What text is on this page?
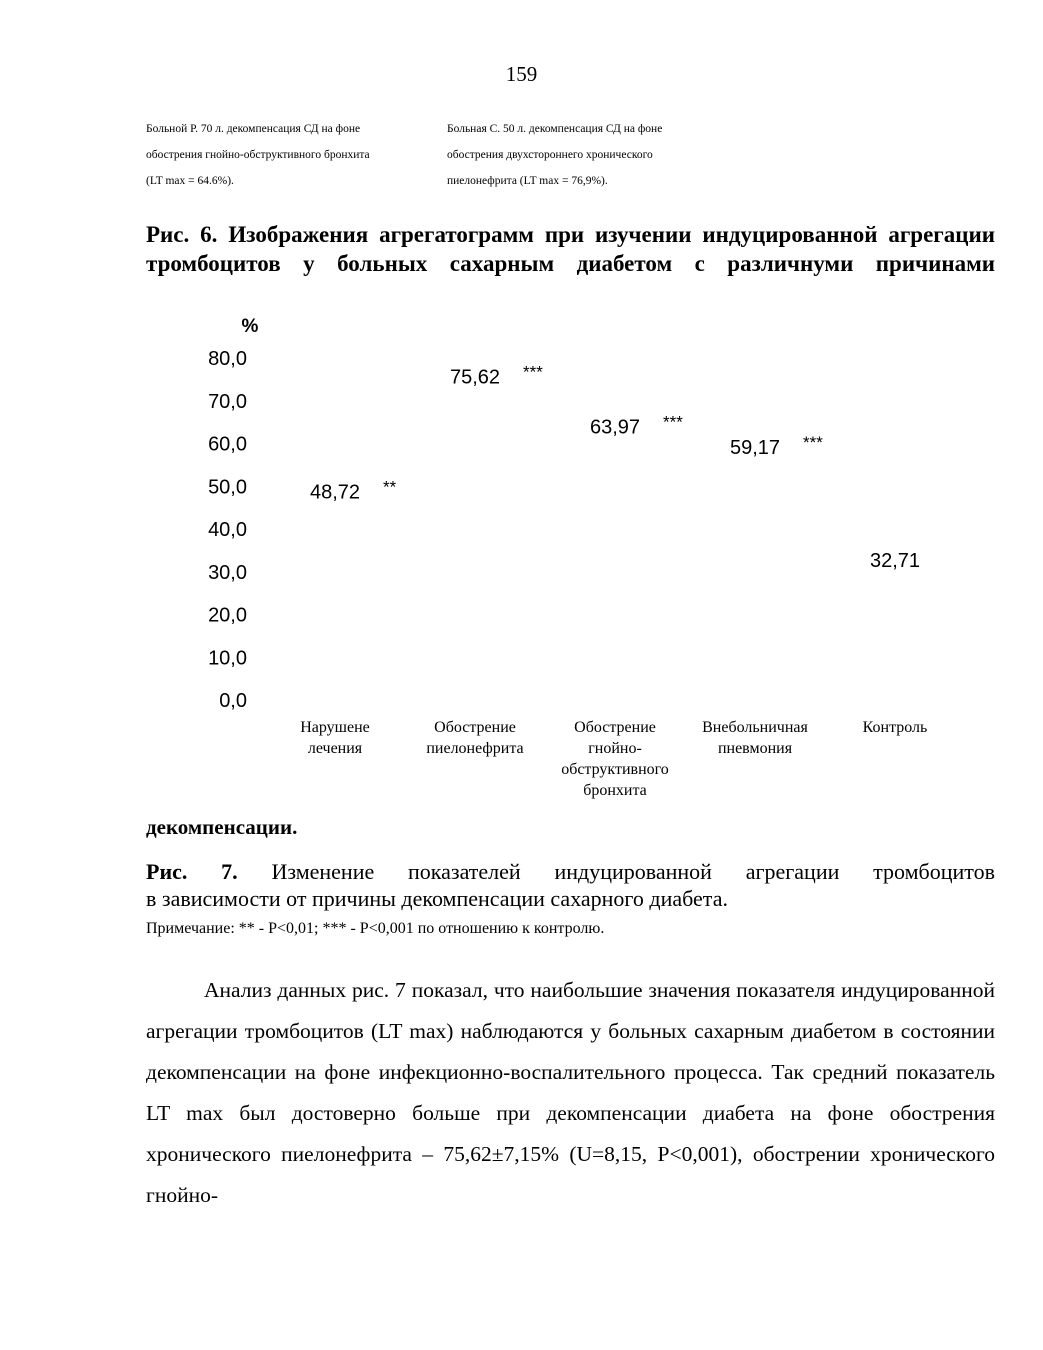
159
Больной Р. 70 л. декомпенсация СД на фоне
обострения гнойно-обструктивного бронхита
(LT max = 64.6%).
Больная С. 50 л. декомпенсация СД на фоне
обострения двухстороннего хронического
пиелонефрита (LT max = 76,9%).
Рис. 6. Изображения агрегатограмм при изучении индуцированной агрегации тромбоцитов у больных сахарным диабетом с различнуми причинами
%
80,0
70,0
60,0
50,0
40,0
30,0
20,0
10,0
0,0
48,72 **
75,62 ***
63,97 ***
59,17 ***
32,71
Нарушене
лечения
Обострение
пиелонефрита
Обострение
гнойно-
обструктивного
бронхита
Внебольничная
пневмония
Контроль
декомпенсации.
Рис. 7. Изменение показателей индуцированной агрегации тромбоцитов
в зависимости от причины декомпенсации сахарного диабета.
Примечание: ** - P<0,01; *** - P<0,001 по отношению к контролю.
Анализ данных рис. 7 показал, что наибольшие значения показателя индуцированной агрегации тромбоцитов (LT max) наблюдаются у больных сахарным диабетом в состоянии декомпенсации на фоне инфекционно-воспалительного процесса. Так средний показатель LT max был достоверно больше при декомпенсации диабета на фоне обострения хронического пиелонефрита – 75,62±7,15% (U=8,15, P<0,001), обострении хронического гнойно-
